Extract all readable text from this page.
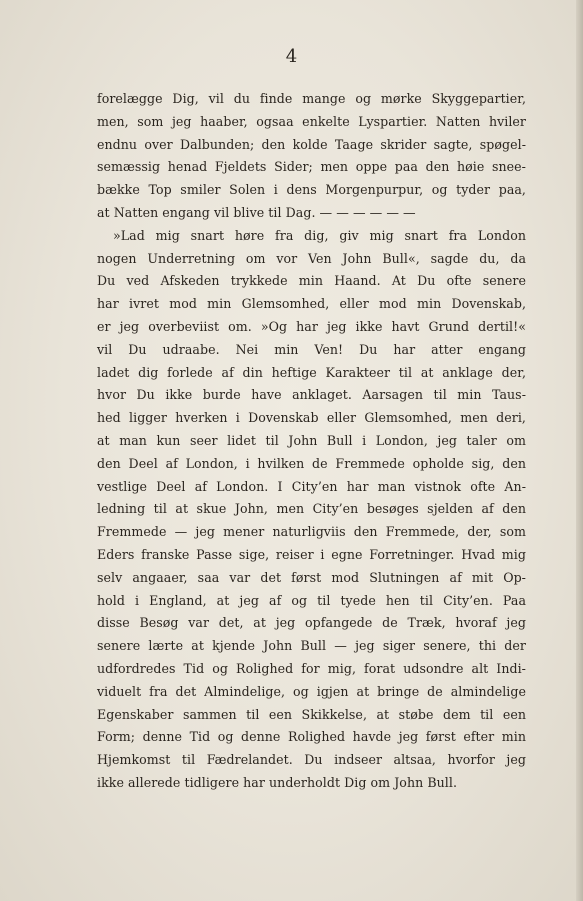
4
forelægge Dig, vil du finde mange og mørke Skyggepartier,
men, som jeg haaber, ogsaa enkelte Lyspartier. Natten hviler
endnu over Dalbunden; den kolde Taage skrider sagte, spøgel-
semæssig henad Fjeldets Sider; men oppe paa den høie snee-
bække Top smiler Solen i dens Morgenpurpur, og tyder paa,
at Natten engang vil blive til Dag. — — — — — —
»Lad mig snart høre fra dig, giv mig snart fra London
nogen Underretning om vor Ven John Bull«, sagde du, da
Du ved Afskeden trykkede min Haand. At Du ofte senere
har ivret mod min Glemsomhed, eller mod min Dovenskab,
er jeg overbeviist om. »Og har jeg ikke havt Grund dertil!«
vil Du udraabe. Nei min Ven! Du har atter engang
ladet dig forlede af din heftige Karakteer til at anklage der,
hvor Du ikke burde have anklaget. Aarsagen til min Taus-
hed ligger hverken i Dovenskab eller Glemsomhed, men deri,
at man kun seer lidet til John Bull i London, jeg taler om
den Deel af London, i hvilken de Fremmede opholde sig, den
vestlige Deel af London. I City’en har man vistnok ofte An-
ledning til at skue John, men City’en besøges sjelden af den
Fremmede — jeg mener naturligviis den Fremmede, der, som
Eders franske Passe sige, reiser i egne Forretninger. Hvad mig
selv angaaer, saa var det først mod Slutningen af mit Op-
hold i England, at jeg af og til tyede hen til City’en. Paa
disse Besøg var det, at jeg opfangede de Træk, hvoraf jeg
senere lærte at kjende John Bull — jeg siger senere, thi der
udfordredes Tid og Rolighed for mig, forat udsondre alt Indi-
viduelt fra det Almindelige, og igjen at bringe de almindelige
Egenskaber sammen til een Skikkelse, at støbe dem til een
Form; denne Tid og denne Rolighed havde jeg først efter min
Hjemkomst til Fædrelandet. Du indseer altsaa, hvorfor jeg
ikke allerede tidligere har underholdt Dig om John Bull.
